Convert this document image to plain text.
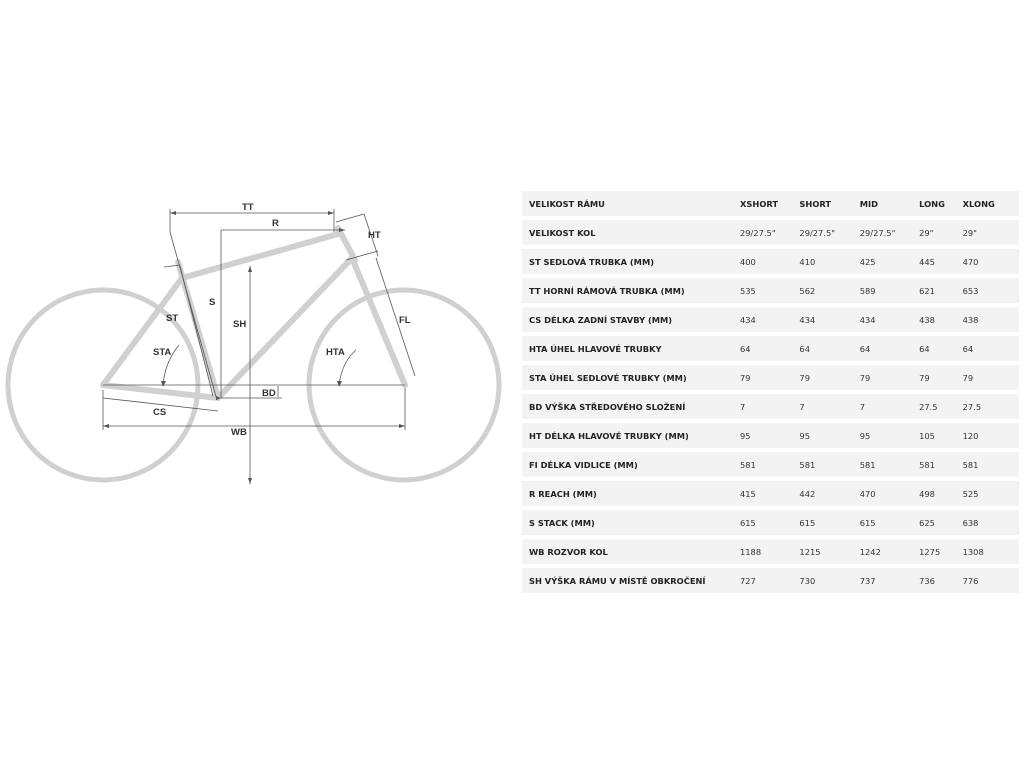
TT
R
HT
S
SH
ST	FL
STA	HTA
BD
CS
WB
VELIKOST RÁMU	XSHORT	SHORT	MID	LONG	XLONG
VELIKOST KOL	29/27.5"	29/27.5"	29/27.5"	29"	29"
ST SEDLOVÁ TRUBKA (MM)	400	410	425	445	470
TT HORNÍ RÁMOVÁ TRUBKA (MM)	535	562	589	621	653
CS DÉLKA ZADNÍ STAVBY (MM)	434	434	434	438	438
HTA ÚHEL HLAVOVÉ TRUBKY	64	64	64	64	64
STA ÚHEL SEDLOVÉ TRUBKY (MM)	79	79	79	79	79
BD VÝŠKA STŘEDOVÉHO SLOŽENÍ	7	7	7	27.5	27.5
HT DÉLKA HLAVOVÉ TRUBKY (MM)	95	95	95	105	120
FI DÉLKA VIDLICE (MM)	581	581	581	581	581
R REACH (MM)	415	442	470	498	525
S STACK (MM)	615	615	615	625	638
WB ROZVOR KOL	1188	1215	1242	1275	1308
SH VÝŠKA RÁMU V MÍSTĚ OBKROČENÍ	727	730	737	736	776
